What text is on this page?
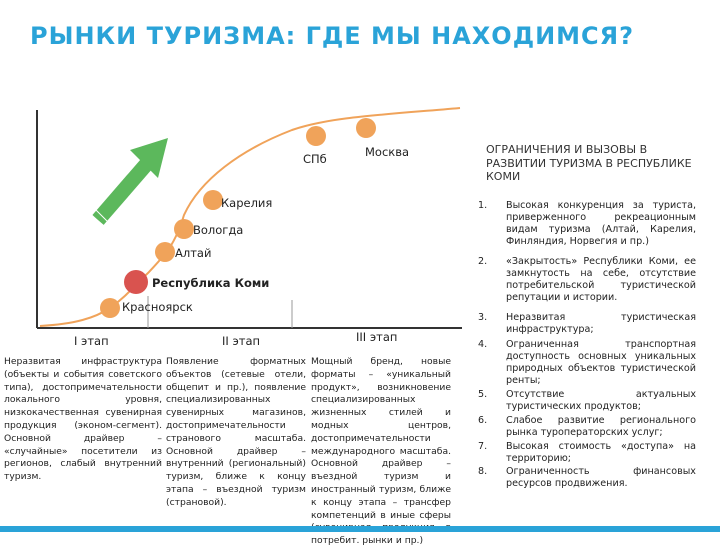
РЫНКИ ТУРИЗМА: ГДЕ МЫ НАХОДИМСЯ?
Красноярск
Республика Коми
Алтай
Вологда
Карелия
СПб	Москва
I этап	II этап	III этап

Неразвитая инфраструктура (объекты и события советского типа), достопримечательности локального уровня, низкокачественная сувенирная продукция (эконом-сегмент). Основной драйвер – «случайные» посетители из регионов, слабый внутренний туризм.

Появление форматных объектов (сетевые отели, общепит и пр.), появление специализированных сувенирных магазинов, достопримечательности странового масштаба. Основной драйвер – внутренний (региональный) туризм, ближе к концу этапа – въездной туризм (страновой).

Мощный бренд, новые форматы – «уникальный продукт», возникновение специализированных жизненных стилей и модных центров, достопримечательности международного масштаба. Основной драйвер – въездной туризм и иностранный туризм, ближе к концу этапа – трансфер компетенций в иные сферы потребит. рынки и пр.)

ОГРАНИЧЕНИЯ И ВЫЗОВЫ В РАЗВИТИИ ТУРИЗМА В РЕСПУБЛИКЕ КОМИ
1.	Высокая конкуренция за туриста, приверженного рекреационным видам туризма (Алтай, Карелия, Финляндия, Норвегия и пр.)
2.	«Закрытость» Республики Коми, ее замкнутость на себе, отсутствие потребительской туристической репутации и истории.
3.	Неразвитая туристическая инфраструктура;
4.	Ограниченная транспортная доступность основных уникальных природных объектов туристической ренты;
5.	Отсутствие актуальных туристических продуктов;
6.	Слабое развитие регионального рынка туроператорских услуг;
7.	Высокая стоимость «доступа» на территорию;
8.	Ограниченность финансовых ресурсов продвижения.
